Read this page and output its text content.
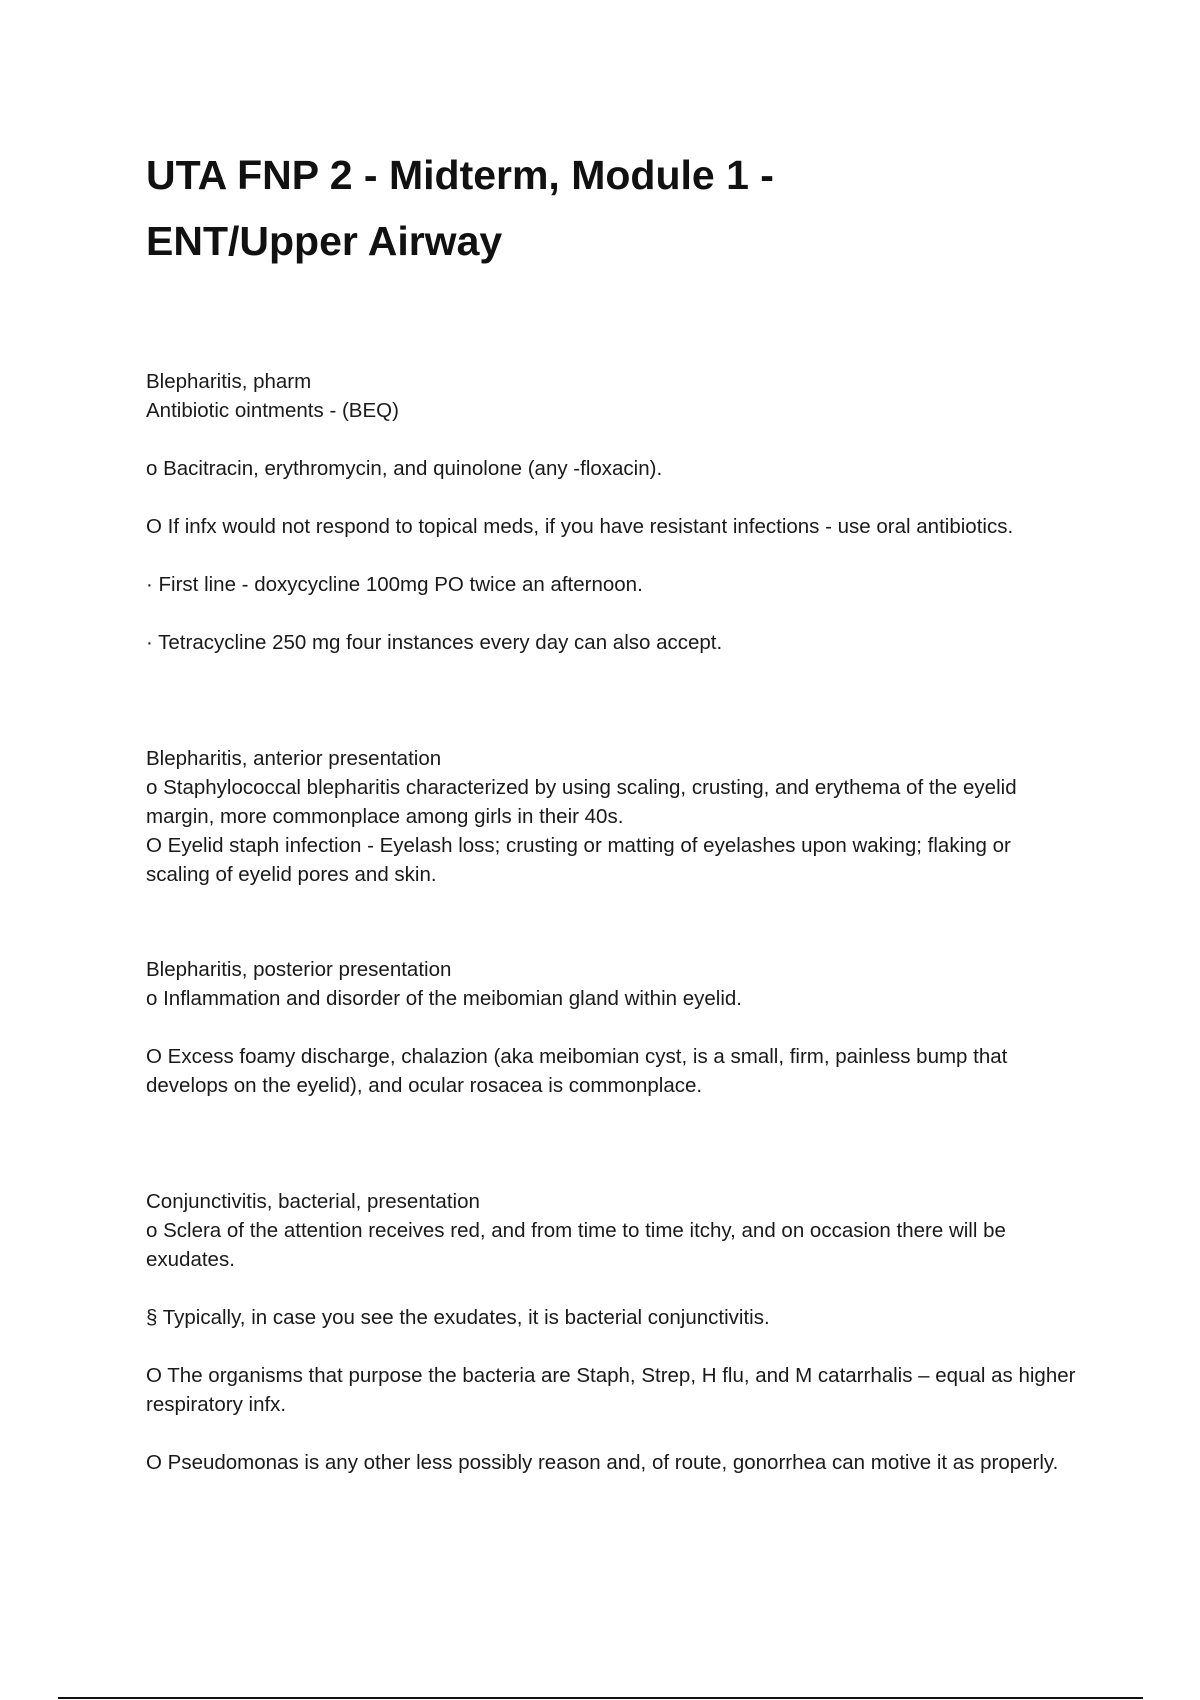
UTA FNP 2 - Midterm, Module 1 - ENT/Upper Airway

Blepharitis, pharm

Antibiotic ointments - (BEQ)

o Bacitracin, erythromycin, and quinolone (any -floxacin).

O If infx would not respond to topical meds, if you have resistant infections - use oral antibiotics.

· First line - doxycycline 100mg PO twice an afternoon.

· Tetracycline 250 mg four instances every day can also accept.

Blepharitis, anterior presentation

o Staphylococcal blepharitis characterized by using scaling, crusting, and erythema of the eyelid margin, more commonplace among girls in their 40s.

O Eyelid staph infection - Eyelash loss; crusting or matting of eyelashes upon waking; flaking or scaling of eyelid pores and skin.

Blepharitis, posterior presentation

o Inflammation and disorder of the meibomian gland within eyelid.

O Excess foamy discharge, chalazion (aka meibomian cyst, is a small, firm, painless bump that develops on the eyelid), and ocular rosacea is commonplace.

Conjunctivitis, bacterial, presentation

o Sclera of the attention receives red, and from time to time itchy, and on occasion there will be exudates.

§ Typically, in case you see the exudates, it is bacterial conjunctivitis.

O The organisms that purpose the bacteria are Staph, Strep, H flu, and M catarrhalis – equal as higher respiratory infx.

O Pseudomonas is any other less possibly reason and, of route, gonorrhea can motive it as properly.
